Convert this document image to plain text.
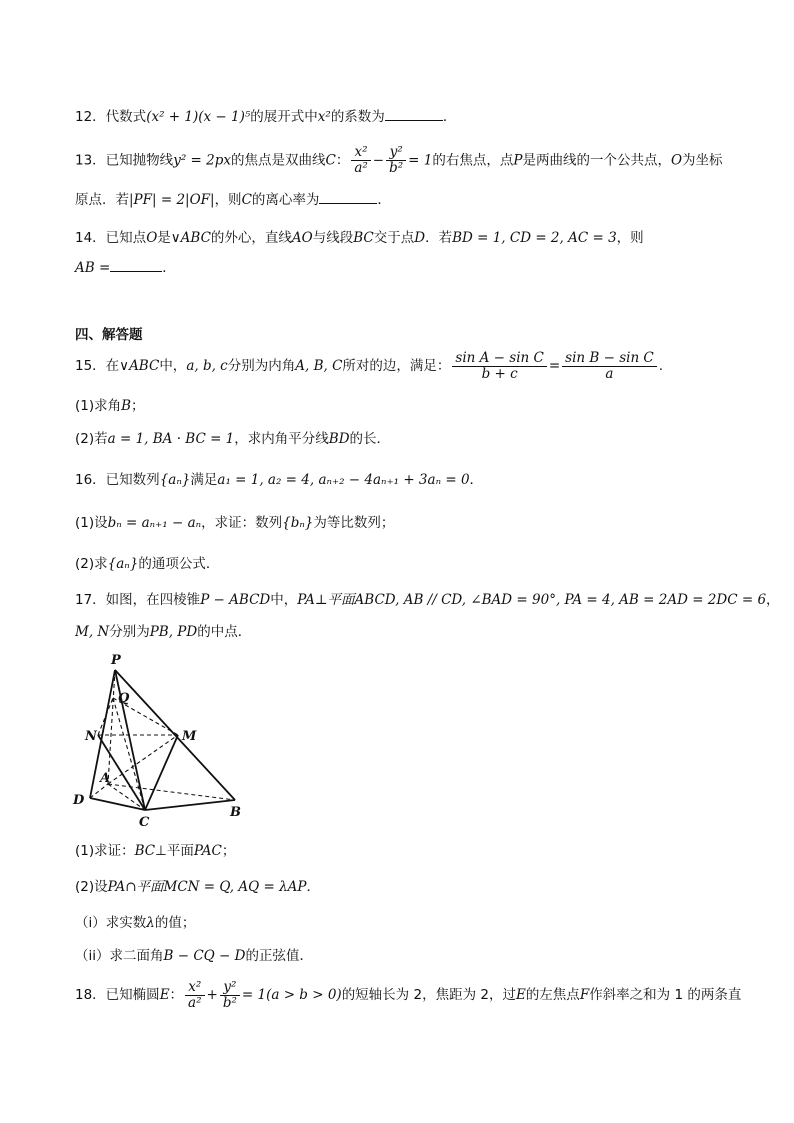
12．代数式(x² + 1)(x − 1)⁵的展开式中x²的系数为	．
13．已知抛物线y² = 2px的焦点是双曲线C： $\frac{\text{x²}}{\text{a²}} - \frac{\text{y²}}{\text{b²}} = 1$的右焦点，点P是两曲线的一个公共点，O为坐标
原点．若|PF| = 2|OF|，则C的离心率为	．
14．已知点O是∨ABC的外心，直线AO与线段BC交于点D．若BD = 1, CD = 2, AC = 3，则
AB =	．
四、解答题
15．在∨ABC中，a, b, c分别为内角A, B, C所对的边，满足： $\frac{\text{sin A − sin C}}{b + c} = \frac{\text{sin B − sin C}}{a}$ .
(1)求角B；
(2)若a = 1, BA · BC = 1，求内角平分线BD的长．
16．已知数列{aₙ}满足a₁ = 1, a₂ = 4, aₙ₊₂ − 4aₙ₊₁ + 3aₙ = 0．
(1)设bₙ = aₙ₊₁ − aₙ，求证：数列{bₙ}为等比数列；
(2)求{aₙ}的通项公式．
17．如图，在四棱锥P − ABCD中，PA⊥平面ABCD, AB // CD, ∠BAD = 90°, PA = 4, AB = 2AD = 2DC = 6，
M, N分别为PB, PD的中点．
P
Q
N	M
A
D
C
B
(1)求证：BC⊥平面PAC；
(2)设PA∩平面MCN = Q, AQ = λAP．
（i）求实数λ的值；
（ii）求二面角B − CQ − D的正弦值．
18．已知椭圆E： $\frac{\text{x²}}{\text{a²}} + \frac{\text{y²}}{\text{b²}} = 1(a > b > 0)$的短轴长为 2，焦距为 2，过E的左焦点F作斜率之和为 1 的两条直
